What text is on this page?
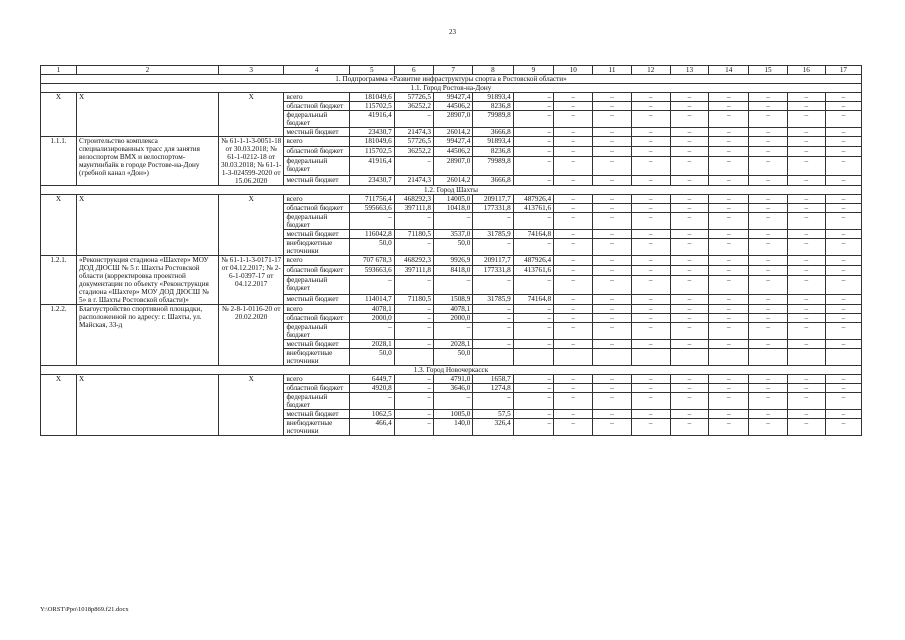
23
1	2	3	4	5	6	7	8	9	10	11	12	13	14	15	16	17
1. Подпрограмма «Развитие инфраструктуры спорта в Ростовской области»																
1.1. Город Ростов-на-Дону																
Х	Х	Х	всего	181049,6	57726,5	99427,4	91893,4	–	–	–	–	–	–	–	–	–
			областной бюджет	115702,5	36252,2	44506,2	8236,8	–	–	–	–	–	–	–	–	–
			федеральный бюджет	41916,4	–	28907,0	79989,8	–	–	–	–	–	–	–	–	–
			местный бюджет	23430,7	21474,3	26014,2	3666,8	–	–	–	–	–	–	–	–	–
1.1.1.	Строительство комплекса специализированных трасс для занятия велоспортом ВМХ и велоспортом-маунтинбайк в городе Ростове-на-Дону (гребной канал «Дон»)	№ 61-1-1-3-0051-18 от 30.03.2018; № 61-1-0212-18 от 30.03.2018; № 61-1-1-3-024599-2020 от 15.06.2020	всего	181049,6	57726,5	99427,4	91893,4	–	–	–	–	–	–	–	–	–
			областной бюджет	115702,5	36252,2	44506,2	8236,8	–	–	–	–	–	–	–	–	–
			федеральный бюджет	41916,4	–	28907,0	79989,8	–	–	–	–	–	–	–	–	–
			местный бюджет	23430,7	21474,3	26014,2	3666,8	–	–	–	–	–	–	–	–	–
1.2. Город Шахты																
Х	Х	Х	всего	711756,4	468292,3	14005,0	209117,7	487926,4	–	–	–	–	–	–	–	–
			областной бюджет	595663,6	397111,8	10418,0	177331,8	413761,6	–	–	–	–	–	–	–	–
			федеральный бюджет	–	–	–	–	–	–	–	–	–	–	–	–	–
			местный бюджет	116042,8	71180,5	3537,0	31785,9	74164,8	–	–	–	–	–	–	–	–
			внебюджетные источники	50,0	–	50,0	–	–	–	–	–	–	–	–	–	–
1.2.1.	«Реконструкция стадиона «Шахтер» МОУ ДОД ДЮСШ № 5 г. Шахты Ростовской области (корректировка проектной документации по объекту «Реконструкция стадиона «Шахтер» МОУ ДОД ДЮСШ № 5» в г. Шахты Ростовской области)»	№ 61-1-1-3-0171-17 от 04.12.2017; № 2-6-1-0397-17 от 04.12.2017	всего	707 678,3	468292,3	9926,9	209117,7	487926,4	–	–	–	–	–	–	–	–
			областной бюджет	593663,6	397111,8	8418,0	177331,8	413761,6	–	–	–	–	–	–	–	–
			федеральный бюджет	–	–	–	–	–	–	–	–	–	–	–	–	–
			местный бюджет	114014,7	71180,5	1508,9	31785,9	74164,8	–	–	–	–	–	–	–	–
1.2.2.	Благоустройство спортивной площадки, расположенной по адресу: г. Шахты, ул. Майская, 33-д	№ 2-8-1-0116-20 от 20.02.2020	всего	4078,1	–	4078,1	–	–	–	–	–	–	–	–	–	–
			областной бюджет	2000,0	–	2000,0	–	–	–	–	–	–	–	–	–	–
			федеральный бюджет	–	–	–	–	–	–	–	–	–	–	–	–	–
			местный бюджет	2028,1	–	2028,1	–	–	–	–	–	–	–	–	–	–
			внебюджетные источники	50,0		50,0										
1.3. Город Новочеркасск																
Х	Х	Х	всего	6449,7	–	4791,0	1658,7	–	–	–	–	–	–	–	–	–
			областной бюджет	4920,8	–	3646,0	1274,8	–	–	–	–	–	–	–	–	–
			федеральный бюджет	–	–	–	–	–	–	–	–	–	–	–	–	–
			местный бюджет	1062,5	–	1005,0	57,5	–	–	–	–	–	–	–	–	–
			внебюджетные источники	466,4	–	140,0	326,4	–	–	–	–	–	–	–	–	–
Y:\ORST\Ppo\1018p869.f21.docx
